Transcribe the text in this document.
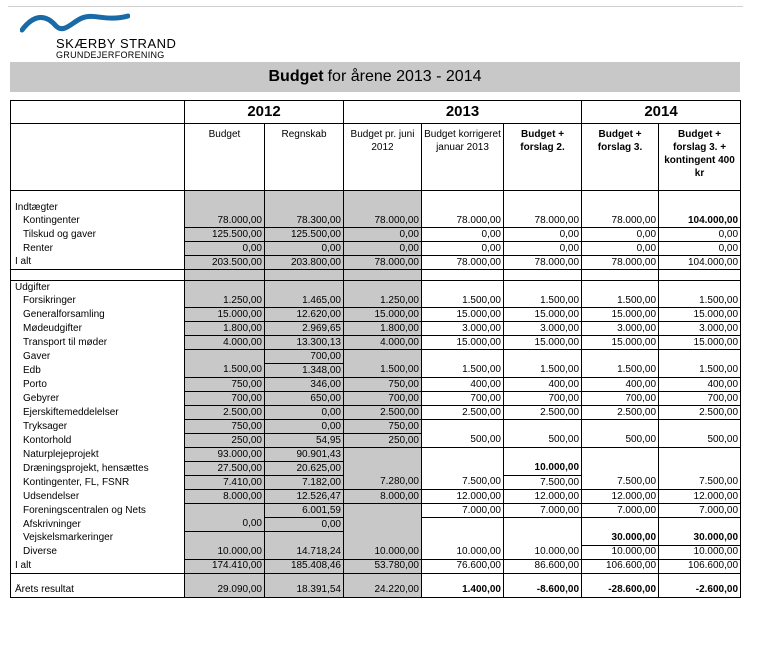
SKÆRBY STRAND
GRUNDEJERFORENING
Budget for årene 2013 - 2014
	2012		2013			2014	
	Budget	Regnskab	Budget pr. juni 2012	Budget korrigeret januar 2013	Budget + forslag 2.	Budget + forslag 3.	Budget + forslag 3. + kontingent 400 kr

Indtægter							
Kontingenter	78.000,00	78.300,00	78.000,00	78.000,00	78.000,00	78.000,00	104.000,00
Tilskud og gaver	125.500,00	125.500,00	0,00	0,00	0,00	0,00	0,00
Renter	0,00	0,00	0,00	0,00	0,00	0,00	0,00
I alt	203.500,00	203.800,00	78.000,00	78.000,00	78.000,00	78.000,00	104.000,00

Udgifter							
Forsikringer	1.250,00	1.465,00	1.250,00	1.500,00	1.500,00	1.500,00	1.500,00
Generalforsamling	15.000,00	12.620,00	15.000,00	15.000,00	15.000,00	15.000,00	15.000,00
Mødeudgifter	1.800,00	2.969,65	1.800,00	3.000,00	3.000,00	3.000,00	3.000,00
Transport til møder	4.000,00	13.300,13	4.000,00	15.000,00	15.000,00	15.000,00	15.000,00
Gaver		700,00					
Edb	1.500,00	1.348,00	1.500,00	1.500,00	1.500,00	1.500,00	1.500,00
Porto	750,00	346,00	750,00	400,00	400,00	400,00	400,00
Gebyrer	700,00	650,00	700,00	700,00	700,00	700,00	700,00
Ejerskiftemeddelelser	2.500,00	0,00	2.500,00	2.500,00	2.500,00	2.500,00	2.500,00
Tryksager	750,00	0,00	750,00				
Kontorhold	250,00	54,95	250,00	500,00	500,00	500,00	500,00
Naturplejeprojekt	93.000,00	90.901,43					
Dræningsprojekt, hensættes	27.500,00	20.625,00			10.000,00		
Kontingenter, FL, FSNR	7.410,00	7.182,00	7.280,00	7.500,00	7.500,00	7.500,00	7.500,00
Udsendelser	8.000,00	12.526,47	8.000,00	12.000,00	12.000,00	12.000,00	12.000,00
Foreningscentralen og Nets		6.001,59		7.000,00	7.000,00	7.000,00	7.000,00
Afskrivninger	0,00	0,00					
Vejskelsmarkeringer						30.000,00	30.000,00
Diverse	10.000,00	14.718,24	10.000,00	10.000,00	10.000,00	10.000,00	10.000,00
I alt	174.410,00	185.408,46	53.780,00	76.600,00	86.600,00	106.600,00	106.600,00

Årets resultat	29.090,00	18.391,54	24.220,00	1.400,00	-8.600,00	-28.600,00	-2.600,00
